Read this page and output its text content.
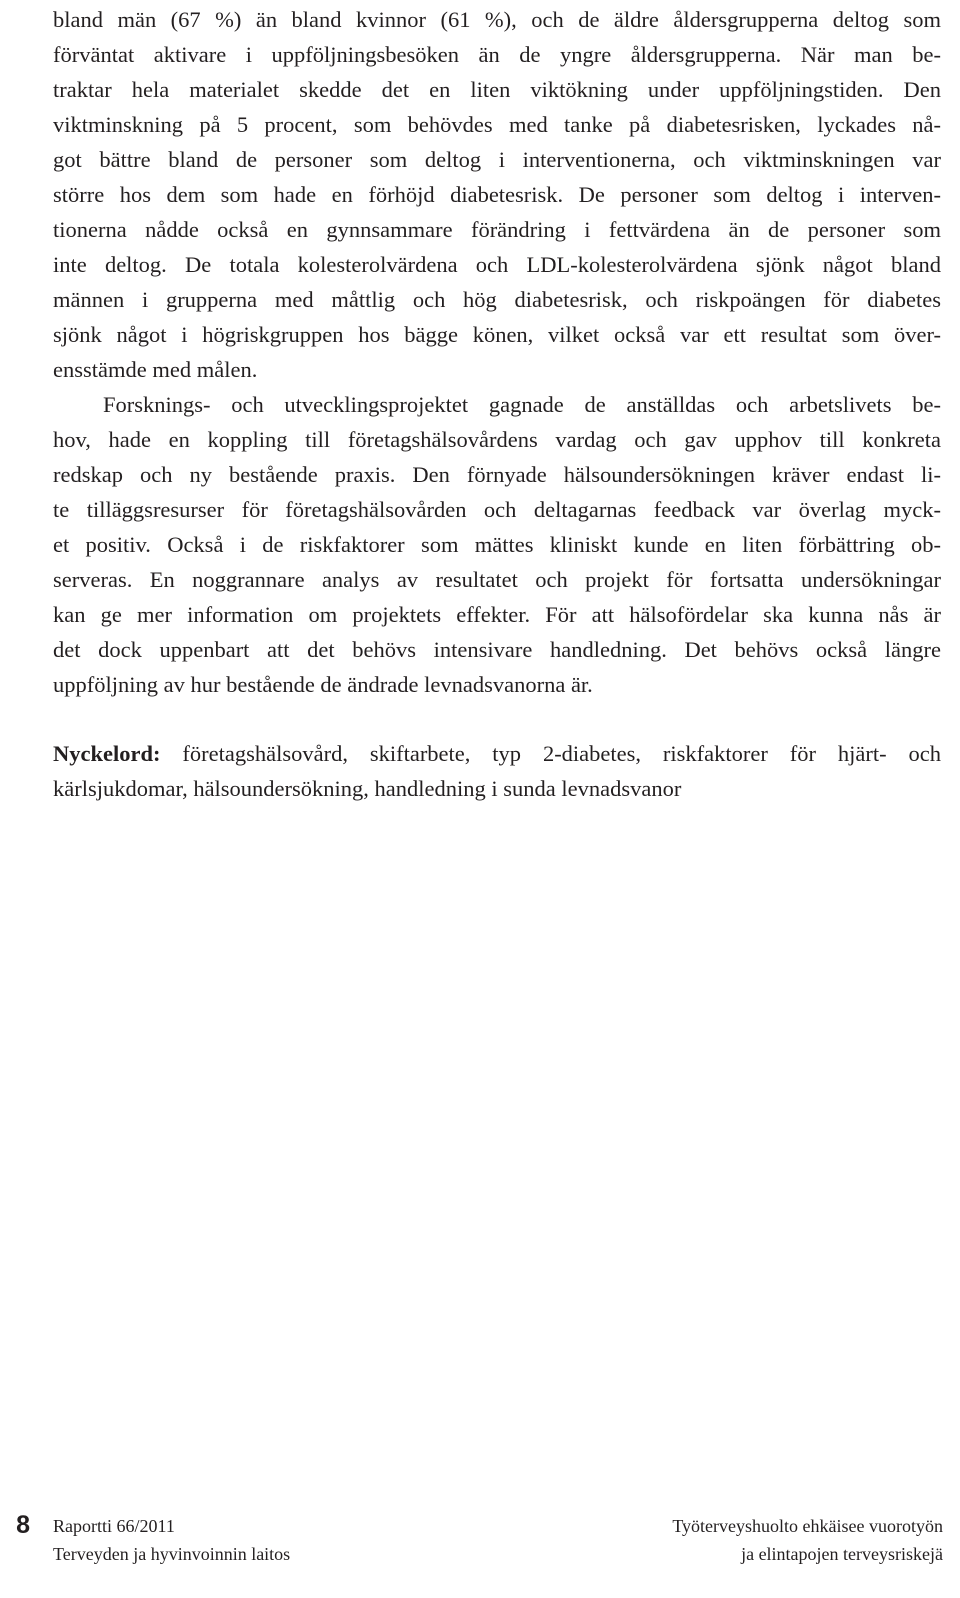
bland män (67 %) än bland kvinnor (61 %), och de äldre åldersgrupperna deltog som
förväntat aktivare i uppföljningsbesöken än de yngre åldersgrupperna. När man be-
traktar hela materialet skedde det en liten viktökning under uppföljningstiden. Den
viktminskning på 5 procent, som behövdes med tanke på diabetesrisken, lyckades nå-
got bättre bland de personer som deltog i interventionerna, och viktminskningen var
större hos dem som hade en förhöjd diabetesrisk. De personer som deltog i interven-
tionerna nådde också en gynnsammare förändring i fettvärdena än de personer som
inte deltog. De totala kolesterolvärdena och LDL-kolesterolvärdena sjönk något bland
männen i grupperna med måttlig och hög diabetesrisk, och riskpoängen för diabetes
sjönk något i högriskgruppen hos bägge könen, vilket också var ett resultat som över-
ensstämde med målen.
Forsknings- och utvecklingsprojektet gagnade de anställdas och arbetslivets be-
hov, hade en koppling till företagshälsovårdens vardag och gav upphov till konkreta
redskap och ny bestående praxis. Den förnyade hälsoundersökningen kräver endast li-
te tilläggsresurser för företagshälsovården och deltagarnas feedback var överlag myck-
et positiv. Också i de riskfaktorer som mättes kliniskt kunde en liten förbättring ob-
serveras. En noggrannare analys av resultatet och projekt för fortsatta undersökningar
kan ge mer information om projektets effekter. För att hälsofördelar ska kunna nås är
det dock uppenbart att det behövs intensivare handledning. Det behövs också längre
uppföljning av hur bestående de ändrade levnadsvanorna är.
Nyckelord: företagshälsovård, skiftarbete, typ 2-diabetes, riskfaktorer för hjärt- och
kärlsjukdomar, hälsoundersökning, handledning i sunda levnadsvanor
8 Raportti 66/2011
Terveyden ja hyvinvoinnin laitos
Työterveyshuolto ehkäisee vuorotyön
ja elintapojen terveysriskejä
